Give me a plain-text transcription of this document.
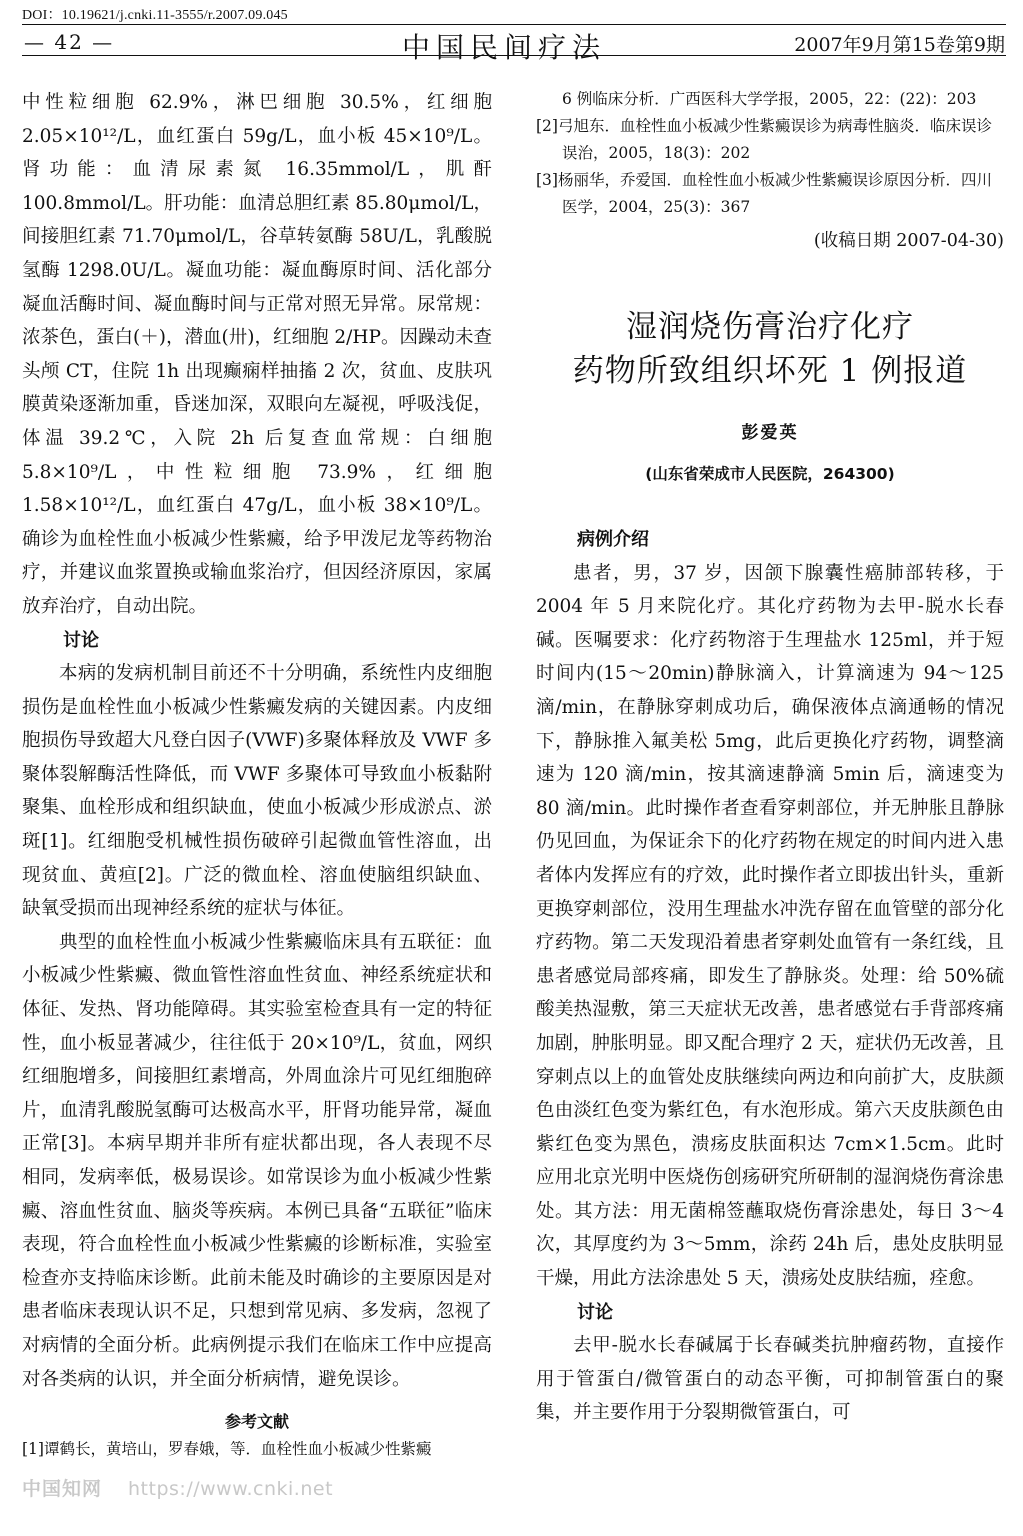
DOI：10.19621/j.cnki.11-3555/r.2007.09.045
— 42 —	中国民间疗法	2007年9月第15卷第9期

中性粒细胞 62.9%，淋巴细胞 30.5%，红细胞 2.05×10¹²/L，血红蛋白 59g/L，血小板 45×10⁹/L。肾功能：血清尿素氮 16.35mmol/L，肌酐100.8mmol/L。肝功能：血清总胆红素 85.80μmol/L，间接胆红素 71.70μmol/L，谷草转氨酶 58U/L，乳酸脱氢酶 1298.0U/L。凝血功能：凝血酶原时间、活化部分凝血活酶时间、凝血酶时间与正常对照无异常。尿常规：浓茶色，蛋白(＋)，潜血(卅)，红细胞 2/HP。因躁动未查头颅 CT，住院 1h 出现癫痫样抽搐 2 次，贫血、皮肤巩膜黄染逐渐加重，昏迷加深，双眼向左凝视，呼吸浅促，体温 39.2℃，入院 2h 后复查血常规：白细胞 5.8×10⁹/L，中性粒细胞 73.9%，红细胞 1.58×10¹²/L，血红蛋白 47g/L，血小板 38×10⁹/L。确诊为血栓性血小板减少性紫癜，给予甲泼尼龙等药物治疗，并建议血浆置换或输血浆治疗，但因经济原因，家属放弃治疗，自动出院。

讨论

本病的发病机制目前还不十分明确，系统性内皮细胞损伤是血栓性血小板减少性紫癜发病的关键因素。内皮细胞损伤导致超大凡登白因子(VWF)多聚体释放及 VWF 多聚体裂解酶活性降低，而 VWF 多聚体可导致血小板黏附聚集、血栓形成和组织缺血，使血小板减少形成淤点、淤斑[1]。红细胞受机械性损伤破碎引起微血管性溶血，出现贫血、黄疸[2]。广泛的微血栓、溶血使脑组织缺血、缺氧受损而出现神经系统的症状与体征。

典型的血栓性血小板减少性紫癜临床具有五联征：血小板减少性紫癜、微血管性溶血性贫血、神经系统症状和体征、发热、肾功能障碍。其实验室检查具有一定的特征性，血小板显著减少，往往低于 20×10⁹/L，贫血，网织红细胞增多，间接胆红素增高，外周血涂片可见红细胞碎片，血清乳酸脱氢酶可达极高水平，肝肾功能异常，凝血正常[3]。本病早期并非所有症状都出现，各人表现不尽相同，发病率低，极易误诊。如常误诊为血小板减少性紫癜、溶血性贫血、脑炎等疾病。本例已具备“五联征”临床表现，符合血栓性血小板减少性紫癜的诊断标准，实验室检查亦支持临床诊断。此前未能及时确诊的主要原因是对患者临床表现认识不足，只想到常见病、多发病，忽视了对病情的全面分析。此病例提示我们在临床工作中应提高对各类病的认识，并全面分析病情，避免误诊。

参考文献

[1]谭鹤长，黄培山，罗春娥，等．血栓性血小板减少性紫癜

6 例临床分析．广西医科大学学报，2005，22：(22)：203

[2]弓旭东．血栓性血小板减少性紫癜误诊为病毒性脑炎．临床误诊误治，2005，18(3)：202

[3]杨丽华，乔爱国．血栓性血小板减少性紫癜误诊原因分析．四川医学，2004，25(3)：367

(收稿日期 2007-04-30)
湿润烧伤膏治疗化疗
药物所致组织坏死 1 例报道
彭爱英
(山东省荣成市人民医院，264300)
病例介绍

患者，男，37 岁，因颌下腺囊性癌肺部转移，于 2004 年 5 月来院化疗。其化疗药物为去甲-脱水长春碱。医嘱要求：化疗药物溶于生理盐水 125ml，并于短时间内(15～20min)静脉滴入，计算滴速为 94～125 滴/min，在静脉穿刺成功后，确保液体点滴通畅的情况下，静脉推入氟美松 5mg，此后更换化疗药物，调整滴速为 120 滴/min，按其滴速静滴 5min 后，滴速变为 80 滴/min。此时操作者查看穿刺部位，并无肿胀且静脉仍见回血，为保证余下的化疗药物在规定的时间内进入患者体内发挥应有的疗效，此时操作者立即拔出针头，重新更换穿刺部位，没用生理盐水冲洗存留在血管壁的部分化疗药物。第二天发现沿着患者穿刺处血管有一条红线，且患者感觉局部疼痛，即发生了静脉炎。处理：给 50%硫酸美热湿敷，第三天症状无改善，患者感觉右手背部疼痛加剧，肿胀明显。即又配合理疗 2 天，症状仍无改善，且穿刺点以上的血管处皮肤继续向两边和向前扩大，皮肤颜色由淡红色变为紫红色，有水泡形成。第六天皮肤颜色由紫红色变为黑色，溃疡皮肤面积达 7cm×1.5cm。此时应用北京光明中医烧伤创疡研究所研制的湿润烧伤膏涂患处。其方法：用无菌棉签蘸取烧伤膏涂患处，每日 3～4 次，其厚度约为 3～5mm，涂药 24h 后，患处皮肤明显干燥，用此方法涂患处 5 天，溃疡处皮肤结痂，痊愈。

讨论

去甲-脱水长春碱属于长春碱类抗肿瘤药物，直接作用于管蛋白/微管蛋白的动态平衡，可抑制管蛋白的聚集，并主要作用于分裂期微管蛋白，可

中国知网 https://www.cnki.net
